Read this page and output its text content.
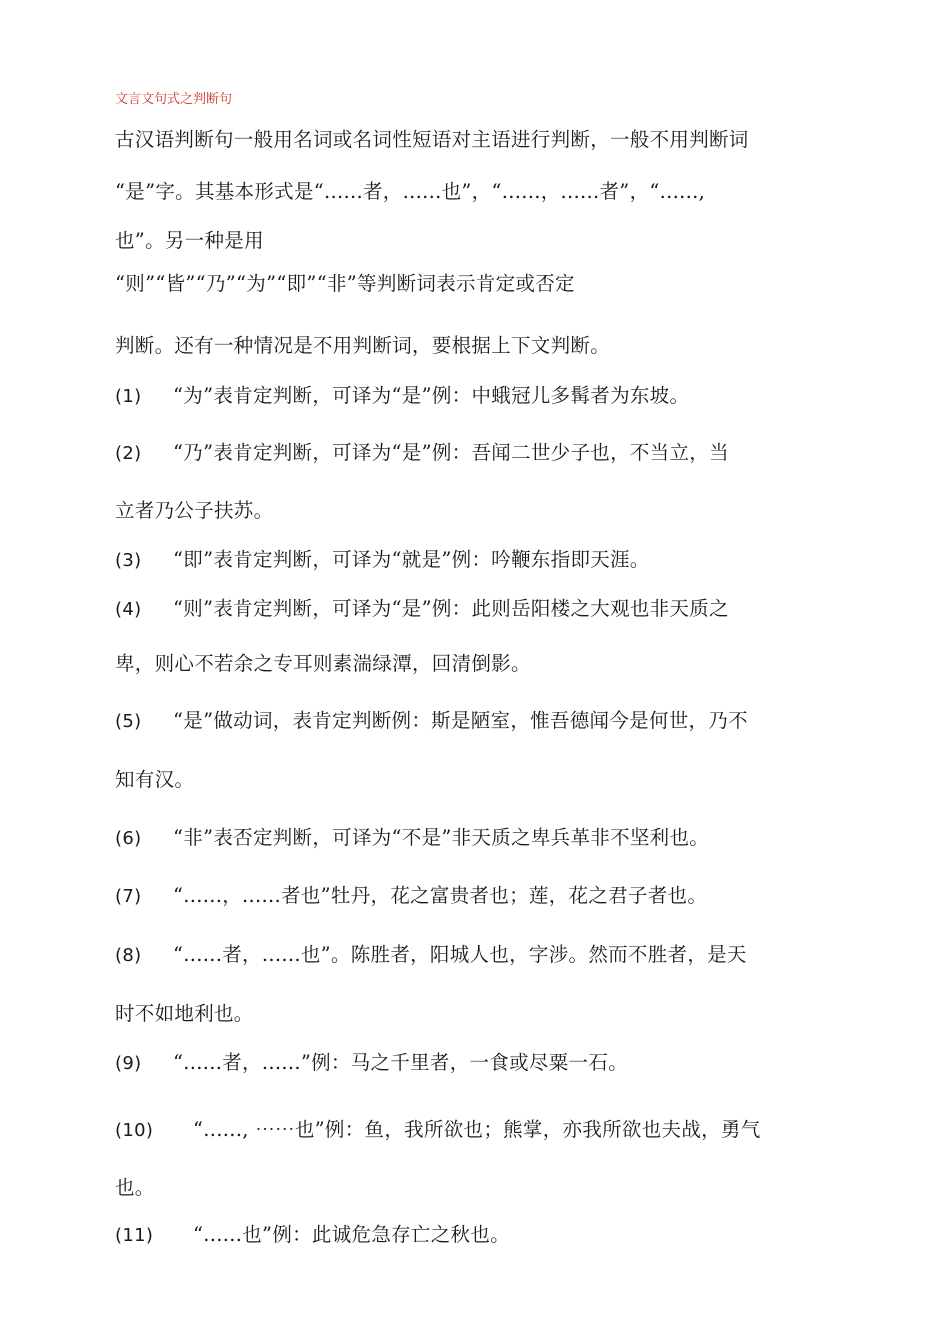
文言文句式之判断句
古汉语判断句一般用名词或名词性短语对主语进行判断，一般不用判断词
“是”字。其基本形式是“......者，......也”，“......，......者”，“......,
也”。另一种是用
“则”“皆”“乃”“为”“即”“非”等判断词表示肯定或否定
判断。还有一种情况是不用判断词，要根据上下文判断。
(1) “为”表肯定判断，可译为“是”例：中蛾冠儿多髯者为东坡。
(2) “乃”表肯定判断，可译为“是”例：吾闻二世少子也，不当立，当
立者乃公子扶苏。
(3) “即”表肯定判断，可译为“就是”例：吟鞭东指即天涯。
(4) “则”表肯定判断，可译为“是”例：此则岳阳楼之大观也非天质之
卑，则心不若余之专耳则素湍绿潭，回清倒影。
(5) “是”做动词，表肯定判断例：斯是陋室，惟吾德闻今是何世，乃不
知有汉。
(6) “非”表否定判断，可译为“不是”非天质之卑兵革非不坚利也。
(7) “......，......者也”牡丹，花之富贵者也；莲，花之君子者也。
(8) “......者，......也”。陈胜者，阳城人也，字涉。然而不胜者，是天
时不如地利也。
(9) “......者，......”例：马之千里者，一食或尽粟一石。
(10) “......, ⋯⋯也”例：鱼，我所欲也；熊掌，亦我所欲也夫战，勇气
也。
(11) “......也”例：此诚危急存亡之秋也。
